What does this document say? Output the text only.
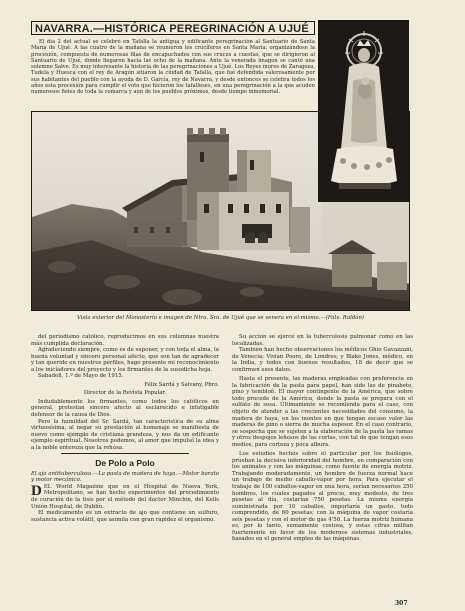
NAVARRA.—HISTÓRICA PEREGRINACIÓN A UJUÉ

El día 2 del actual se celebró en Tafalla la antigua y edificante peregrinación al Santuario de Santa María de Ujué. A las cuatro de la mañana se reunieron los crucíferos en Santa María; organizándose la procesión, compuesta de numerosas filas de encapuchados con sus cruces a cuestas, que se dirigieron al Santuario de Ujué, donde llegaron hacia las ocho de la mañana. Ante la venerada imagen se cantó una solemne Salve. Es muy interesante la historia de las peregrinaciones a Ujué. Los Reyes moros de Zaragoza, Tudela y Huesca con el rey de Aragón sitiaron la ciudad de Tafalla, que fué defendida valerosamente por sus habitantes del pueblo con la ayuda de D. García, rey de Navarra, y desde entonces se celebra todos los años esta procesión para cumplir el voto que hicieron los tafalleses, en una peregrinación a la que acuden numerosos fieles de toda la comarca y aun de los pueblos próximos, desde tiempo inmemorial.

Vista exterior del Monasterio e imagen de Ntra. Sra. de Ujué que se venera en el mismo.—(Fots. Roldán)

del periodismo católico, reproducimos en sus columnas nuestra más cumplida declaración.

Agradeciendo siempre, como es de suponer, y con toda el alma, la buena voluntad y sincero personal afecto, que son tan de agradecer y tan querido en nuestros perfiles, hago presente mi reconocimiento a los iniciadores del proyecto y los firmantes de la susodicha hoja.

Sabadell, 1.º de Mayo de 1915.

Félix Sardá y Salvany, Pbro.
Director de la Revista Popular.

Indudablemente los firmantes, como todos los católicos en general, protestan sincero afecto al esclarecido e infatigable defensor de la causa de Dios.

Pero la humildad del Sr. Sardá, tan característica de su alma virtuosísima, al negar su prestación al homenaje se manifiesta de nuevo como ejemplo de cristiana grandeza, y nos da un edificante ejemplo espiritual. Nosotros podemos, al amor que impulsó la idea y a la noble entereza que la rehúsa.

De Polo a Polo

El ajo antituberculoso.—La pasta de madera de haya.—Motor barato y motor mecánico.

DEL World Magazine que en el Hospital de Nueva York, Metropolitano, se han hecho experimentos del procedimiento de curación de la tisis por el método del doctor Minchin, del Kells Unión Hospital, de Dublín.

El medicamento es un extracto de ajo que contiene un sulfuro, sustancia activa volátil, que asimila con gran rapidez el organismo.

Su acción se ejerce en la tuberculosis pulmonar como en las localizadas.

También han hecho observaciones los médicos Ghio Gavazzani, de Venecia; Vivian Poore, de Londres, y Blake Jones, médico, en la India, y todos con buenos resultados, 18 de decir que se confirmen esos datos.

Hasta el presente, las maderas empleadas con preferencia en la fabricación de la pasta para papel, han sido las de pinabete, pino y tembloñ. El mayor contingente de la América, que sobre todo procede de la América, donde la pasta se prepara con el sulfato de sosa. Últimamente se recomienda para el caso, con objeto de atender a las crecientes necesidades del consumo, la madera de haya, en los montes en que tengan escaso valor las maderas de pino o sierra de mucha espesor. En el caso contrario, se sospecha que se sujeten a la elaboración de la pasta las ramas y otros despojos leñosos de las cortas, con tal de que tengan esos medios, para corteza y poca albura.

Los estudios hechos sobre el particular por los fisiólogos, prueban la decisiva inferioridad del hombre, en comparación con los animales y con las máquinas, como fuente de energía motriz. Trabajando moderadamente, un hombre de fuerza normal hace un trabajo de medio caballo-vapor por hora. Para ejecutar el trabajo de 100 caballos-vapor en una hora, serían necesarios 250 hombres, los cuales pagados al precio, muy modesto, de tres pesetas al día, costarían 750 pesetas. La misma energía suministrada por 10 caballos, importaría un gasto, todo comprendido, de 60 pesetas; con la máquina de vapor costaría seis pesetas y con el motor de gas 4'50. La fuerza motriz humana es, por lo tanto, sumamente costosa, y estas cifras militan fuertemente en favor de los modernos sistemas industriales, basados en el general empleo de las máquinas.

307
